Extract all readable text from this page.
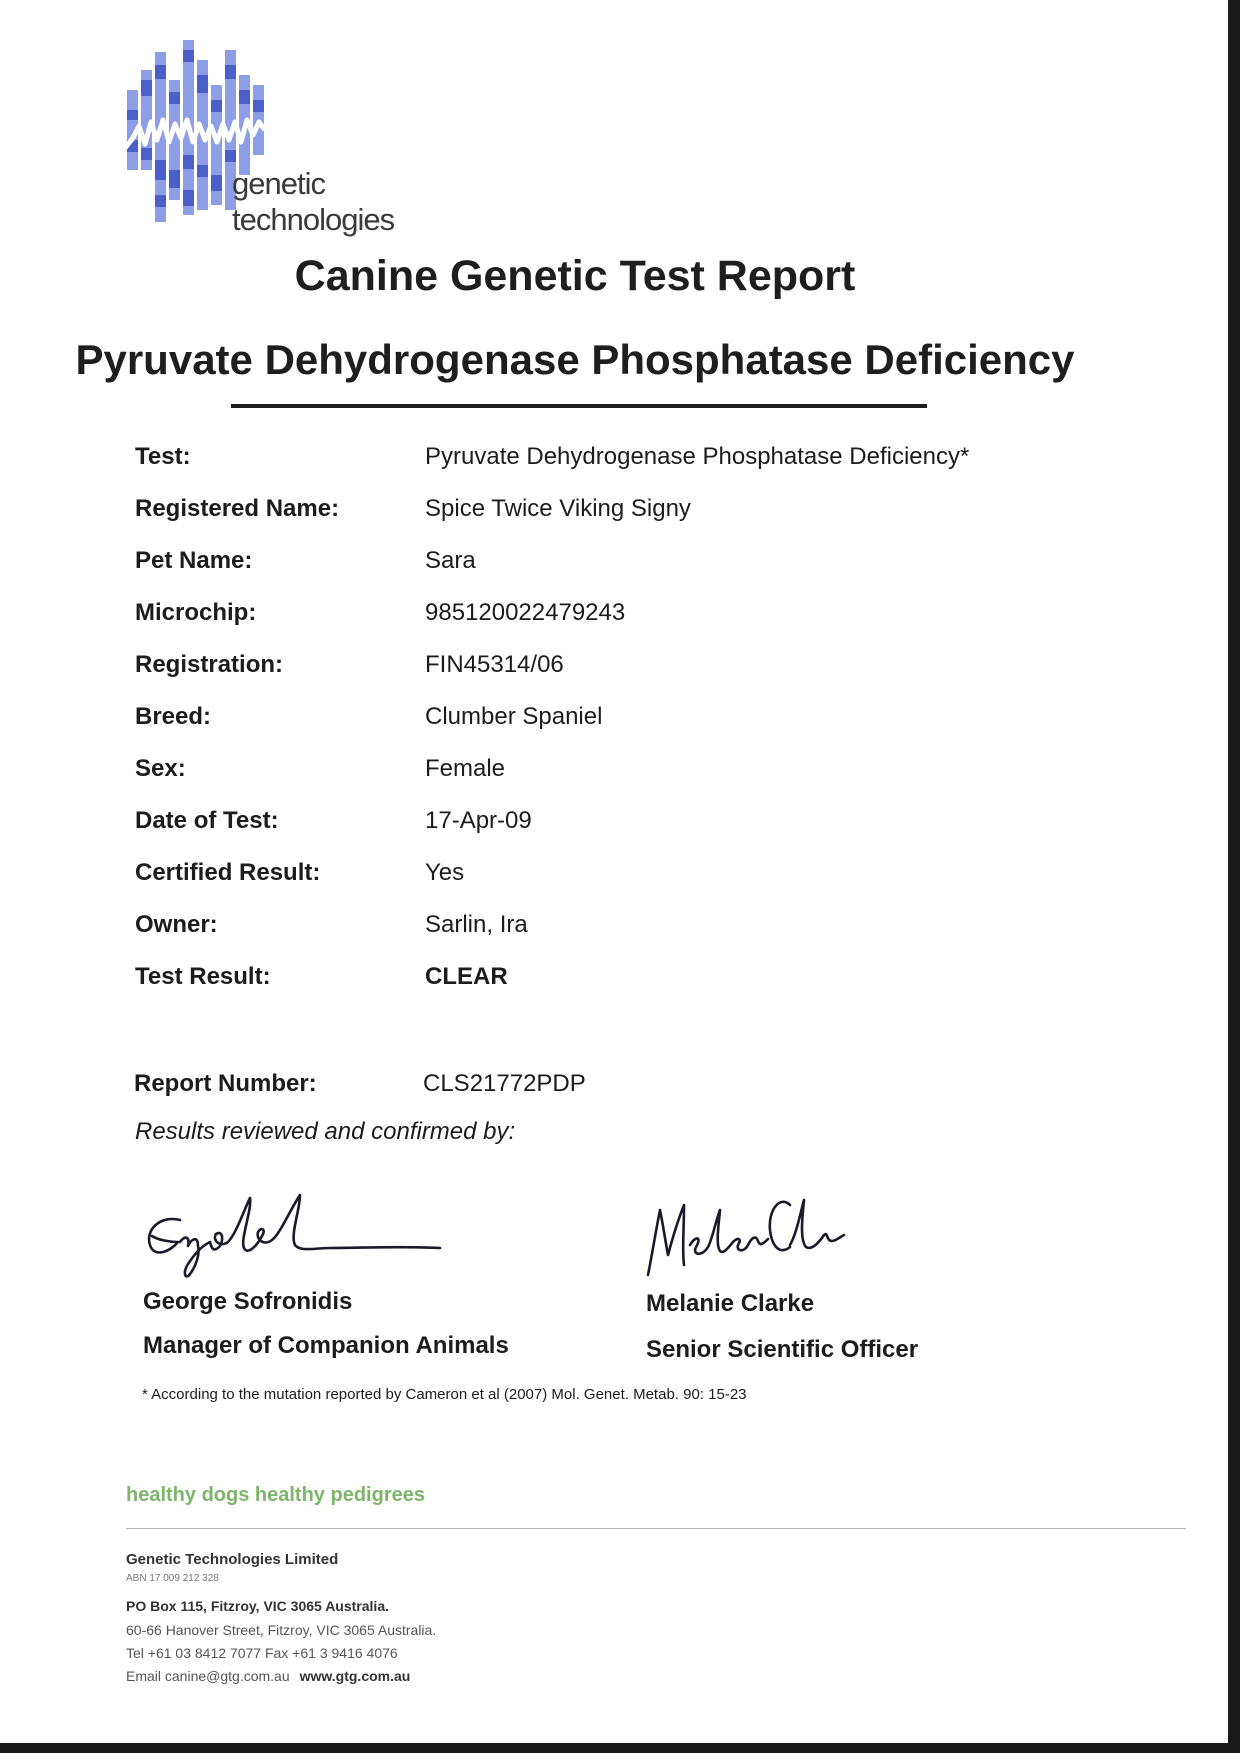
genetic technologies
Canine Genetic Test Report
Pyruvate Dehydrogenase Phosphatase Deficiency
Test:	Pyruvate Dehydrogenase Phosphatase Deficiency*
Registered Name:	Spice Twice Viking Signy
Pet Name:	Sara
Microchip:	985120022479243
Registration:	FIN45314/06
Breed:	Clumber Spaniel
Sex:	Female
Date of Test:	17-Apr-09
Certified Result:	Yes
Owner:	Sarlin, Ira
Test Result:	CLEAR
Report Number:	CLS21772PDP
Results reviewed and confirmed by:
George Sofronidis
Manager of Companion Animals
Melanie Clarke
Senior Scientific Officer
* According to the mutation reported by Cameron et al (2007) Mol. Genet. Metab. 90: 15-23
healthy dogs healthy pedigrees
Genetic Technologies Limited
ABN 17 009 212 328
PO Box 115, Fitzroy, VIC 3065 Australia.
60-66 Hanover Street, Fitzroy, VIC 3065 Australia.
Tel +61 03 8412 7077 Fax +61 3 9416 4076
Email canine@gtg.com.au www.gtg.com.au
